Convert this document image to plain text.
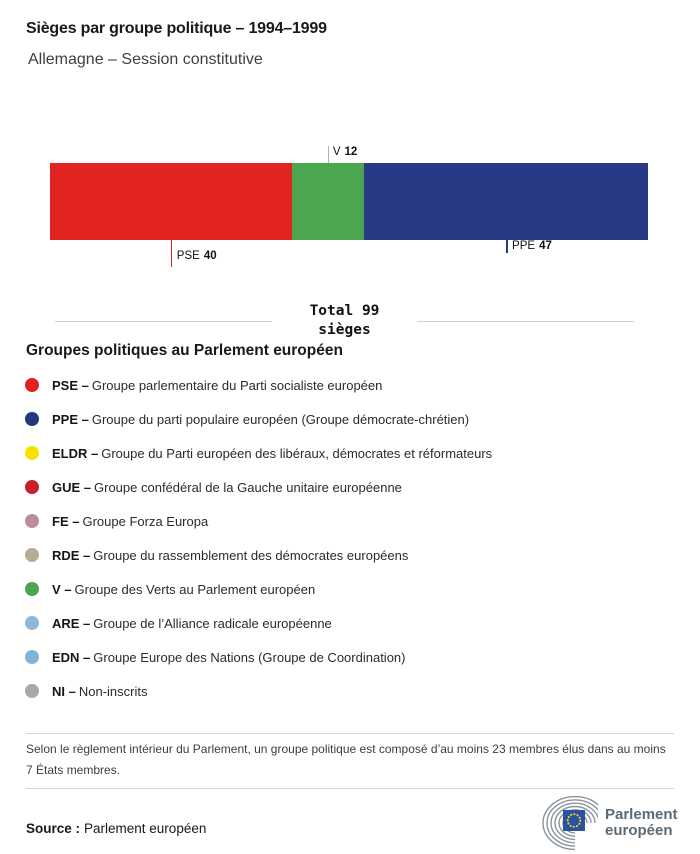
Sièges par groupe politique – 1994–1999
Allemagne – Session constitutive
PSE 40
V 12
PPE 47
Total 99
sièges
Groupes politiques au Parlement européen
PSE – Groupe parlementaire du Parti socialiste européen
PPE – Groupe du parti populaire européen (Groupe démocrate-chrétien)
ELDR – Groupe du Parti européen des libéraux, démocrates et réformateurs
GUE – Groupe confédéral de la Gauche unitaire européenne
FE – Groupe Forza Europa
RDE – Groupe du rassemblement des démocrates européens
V – Groupe des Verts au Parlement européen
ARE – Groupe de l’Alliance radicale européenne
EDN – Groupe Europe des Nations (Groupe de Coordination)
NI – Non-inscrits
Selon le règlement intérieur du Parlement, un groupe politique est composé d’au moins 23 membres élus dans au moins 7 États membres.
Source : Parlement européen
Parlement
européen
